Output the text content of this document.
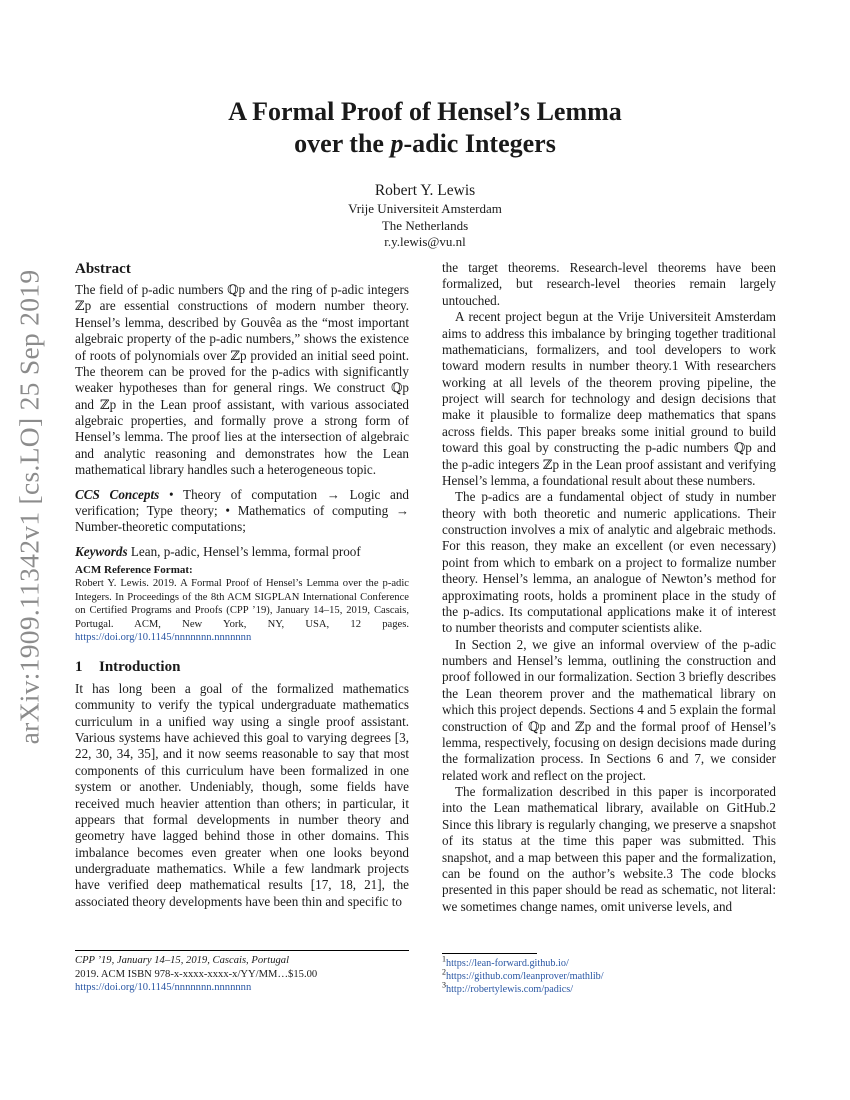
arXiv:1909.11342v1 [cs.LO] 25 Sep 2019
A Formal Proof of Hensel’s Lemma
over the p-adic Integers
Robert Y. Lewis
Vrije Universiteit Amsterdam
The Netherlands
r.y.lewis@vu.nl
Abstract

The field of p-adic numbers ℚp and the ring of p-adic integers ℤp are essential constructions of modern number theory. Hensel’s lemma, described by Gouvêa as the “most important algebraic property of the p-adic numbers,” shows the existence of roots of polynomials over ℤp provided an initial seed point. The theorem can be proved for the p-adics with significantly weaker hypotheses than for general rings. We construct ℚp and ℤp in the Lean proof assistant, with various associated algebraic properties, and formally prove a strong form of Hensel’s lemma. The proof lies at the intersection of algebraic and analytic reasoning and demonstrates how the Lean mathematical library handles such a heterogeneous topic.

CCS Concepts • Theory of computation → Logic and verification; Type theory; • Mathematics of computing → Number-theoretic computations;

Keywords Lean, p-adic, Hensel’s lemma, formal proof

ACM Reference Format:
Robert Y. Lewis. 2019. A Formal Proof of Hensel’s Lemma over the p-adic Integers. In Proceedings of the 8th ACM SIGPLAN International Conference on Certified Programs and Proofs (CPP ’19), January 14–15, 2019, Cascais, Portugal. ACM, New York, NY, USA, 12 pages. https://doi.org/10.1145/nnnnnnn.nnnnnnn
1 Introduction

It has long been a goal of the formalized mathematics community to verify the typical undergraduate mathematics curriculum in a unified way using a single proof assistant. Various systems have achieved this goal to varying degrees [3, 22, 30, 34, 35], and it now seems reasonable to say that most components of this curriculum have been formalized in one system or another. Undeniably, though, some fields have received much heavier attention than others; in particular, it appears that formal developments in number theory and geometry have lagged behind those in other domains. This imbalance becomes even greater when one looks beyond undergraduate mathematics. While a few landmark projects have verified deep mathematical results [17, 18, 21], the associated theory developments have been thin and specific to

CPP ’19, January 14–15, 2019, Cascais, Portugal
2019. ACM ISBN 978-x-xxxx-xxxx-x/YY/MM…$15.00
https://doi.org/10.1145/nnnnnnn.nnnnnnn

the target theorems. Research-level theorems have been formalized, but research-level theories remain largely untouched.

A recent project begun at the Vrije Universiteit Amsterdam aims to address this imbalance by bringing together traditional mathematicians, formalizers, and tool developers to work toward modern results in number theory.1 With researchers working at all levels of the theorem proving pipeline, the project will search for technology and design decisions that make it plausible to formalize deep mathematics that spans across fields. This paper breaks some initial ground to build toward this goal by constructing the p-adic numbers ℚp and the p-adic integers ℤp in the Lean proof assistant and verifying Hensel’s lemma, a foundational result about these numbers.

The p-adics are a fundamental object of study in number theory with both theoretic and numeric applications. Their construction involves a mix of analytic and algebraic methods. For this reason, they make an excellent (or even necessary) point from which to embark on a project to formalize number theory. Hensel’s lemma, an analogue of Newton’s method for approximating roots, holds a prominent place in the study of the p-adics. Its computational applications make it of interest to number theorists and computer scientists alike.

In Section 2, we give an informal overview of the p-adic numbers and Hensel’s lemma, outlining the construction and proof followed in our formalization. Section 3 briefly describes the Lean theorem prover and the mathematical library on which this project depends. Sections 4 and 5 explain the formal construction of ℚp and ℤp and the formal proof of Hensel’s lemma, respectively, focusing on design decisions made during the formalization process. In Sections 6 and 7, we consider related work and reflect on the project.

The formalization described in this paper is incorporated into the Lean mathematical library, available on GitHub.2 Since this library is regularly changing, we preserve a snapshot of its status at the time this paper was submitted. This snapshot, and a map between this paper and the formalization, can be found on the author’s website.3 The code blocks presented in this paper should be read as schematic, not literal: we sometimes change names, omit universe levels, and

$^1$https://lean-forward.github.io/
$^2$https://github.com/leanprover/mathlib/
$^3$http://robertylewis.com/padics/
